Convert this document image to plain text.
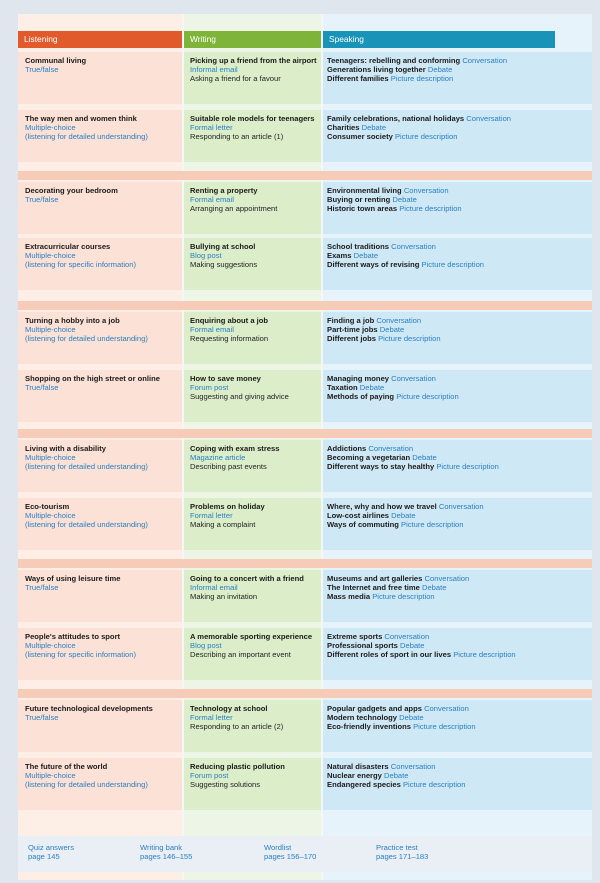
Listening	Writing	Speaking
Communal living
True/false
Picking up a friend from the airport
Informal email
Asking a friend for a favour
Teenagers: rebelling and conforming Conversation
Generations living together Debate
Different families Picture description
The way men and women think
Multiple-choice
(listening for detailed understanding)
Suitable role models for teenagers
Formal letter
Responding to an article (1)
Family celebrations, national holidays Conversation
Charities Debate
Consumer society Picture description
Decorating your bedroom
True/false
Renting a property
Formal email
Arranging an appointment
Environmental living Conversation
Buying or renting Debate
Historic town areas Picture description
Extracurricular courses
Multiple-choice
(listening for specific information)
Bullying at school
Blog post
Making suggestions
School traditions Conversation
Exams Debate
Different ways of revising Picture description
Turning a hobby into a job
Multiple-choice
(listening for detailed understanding)
Enquiring about a job
Formal email
Requesting information
Finding a job Conversation
Part-time jobs Debate
Different jobs Picture description
Shopping on the high street or online
True/false
How to save money
Forum post
Suggesting and giving advice
Managing money Conversation
Taxation Debate
Methods of paying Picture description
Living with a disability
Multiple-choice
(listening for detailed understanding)
Coping with exam stress
Magazine article
Describing past events
Addictions Conversation
Becoming a vegetarian Debate
Different ways to stay healthy Picture description
Eco-tourism
Multiple-choice
(listening for detailed understanding)
Problems on holiday
Formal letter
Making a complaint
Where, why and how we travel Conversation
Low-cost airlines Debate
Ways of commuting Picture description
Ways of using leisure time
True/false
Going to a concert with a friend
Informal email
Making an invitation
Museums and art galleries Conversation
The Internet and free time Debate
Mass media Picture description
People's attitudes to sport
Multiple-choice
(listening for specific information)
A memorable sporting experience
Blog post
Describing an important event
Extreme sports Conversation
Professional sports Debate
Different roles of sport in our lives Picture description
Future technological developments
True/false
Technology at school
Formal letter
Responding to an article (2)
Popular gadgets and apps Conversation
Modern technology Debate
Eco-friendly inventions Picture description
The future of the world
Multiple-choice
(listening for detailed understanding)
Reducing plastic pollution
Forum post
Suggesting solutions
Natural disasters Conversation
Nuclear energy Debate
Endangered species Picture description
Quiz answers
page 145
Writing bank
pages 146–155
Wordlist
pages 156–170
Practice test
pages 171–183
